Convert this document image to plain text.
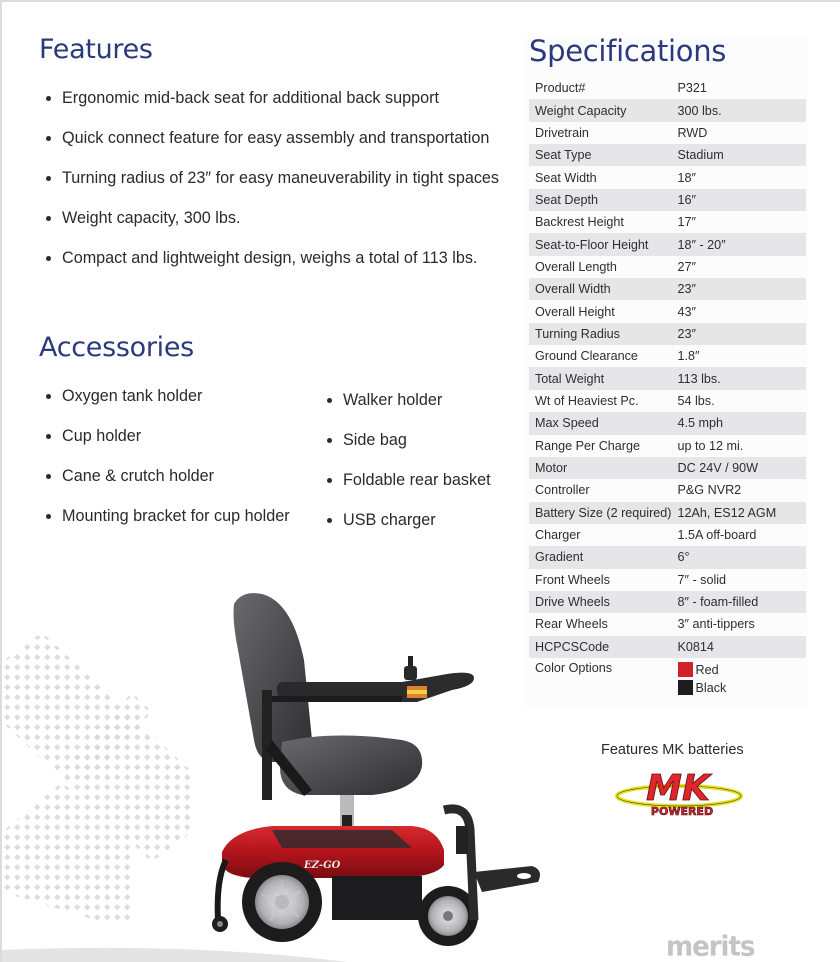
Features
Ergonomic mid-back seat for additional back support
Quick connect feature for easy assembly and transportation
Turning radius of 23″ for easy maneuverability in tight spaces
Weight capacity, 300 lbs.
Compact and lightweight design, weighs a total of 113 lbs.
Accessories
Oxygen tank holder
Cup holder
Cane & crutch holder
Mounting bracket for cup holder
Walker holder
Side bag
Foldable rear basket
USB charger
Specifications
Product#	P321
Weight Capacity	300 lbs.
Drivetrain	RWD
Seat Type	Stadium
Seat Width	18″
Seat Depth	16″
Backrest Height	17″
Seat-to-Floor Height	18″ - 20″
Overall Length	27″
Overall Width	23″
Overall Height	43″
Turning Radius	23″
Ground Clearance	1.8″
Total Weight	113 lbs.
Wt of Heaviest Pc.	54 lbs.
Max Speed	4.5 mph
Range Per Charge	up to 12 mi.
Motor	DC 24V / 90W
Controller	P&G NVR2
Battery Size (2 required)	12Ah, ES12 AGM
Charger	1.5A off-board
Gradient	6°
Front Wheels	7″ - solid
Drive Wheels	8″ - foam-filled
Rear Wheels	3″ anti-tippers
HCPCSCode	K0814
Color Options	Red
Black
Features MK batteries
MK
POWERED
EZ-GO
merits
